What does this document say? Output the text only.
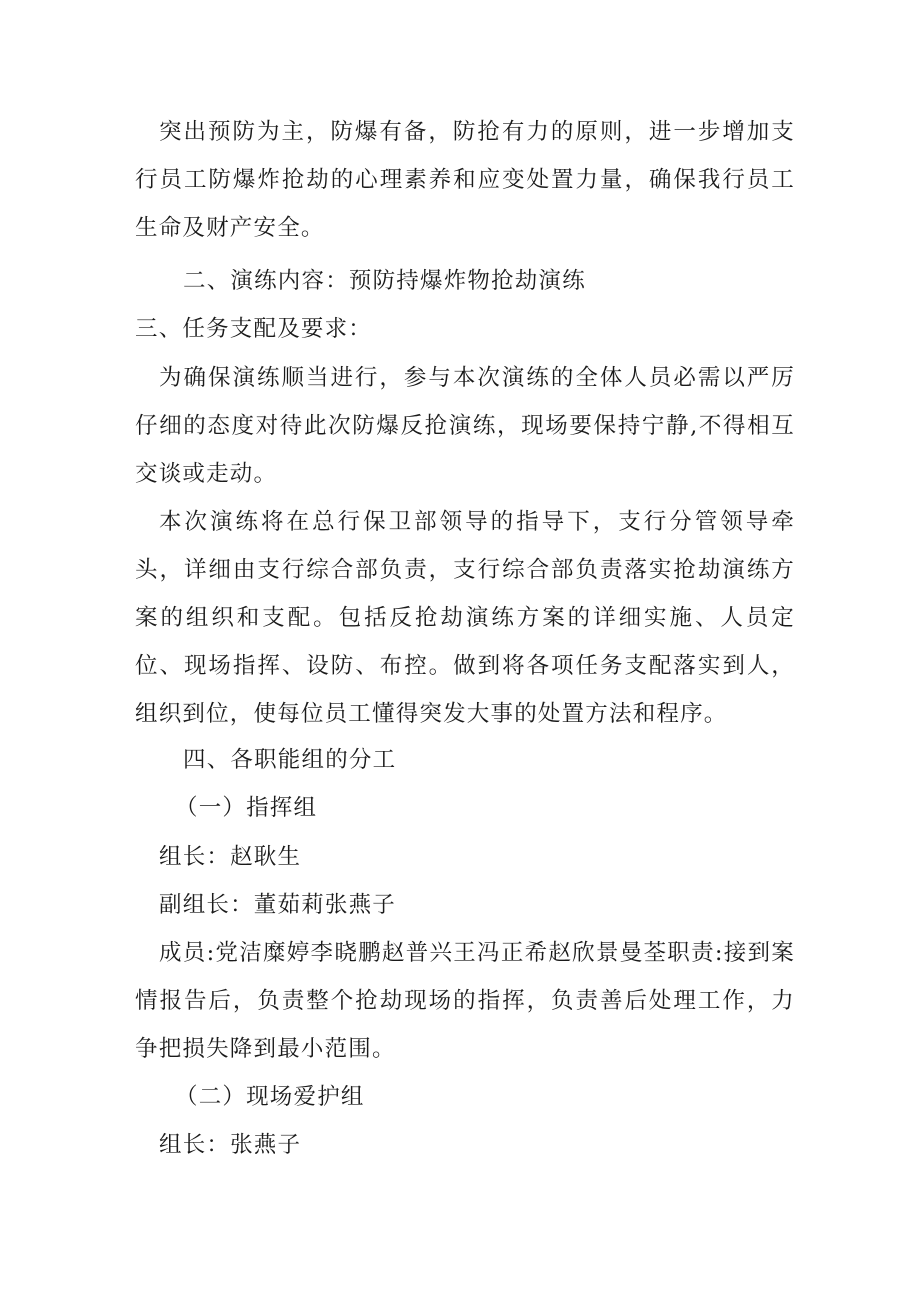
突出预防为主，防爆有备，防抢有力的原则，进一步增加支行员工防爆炸抢劫的心理素养和应变处置力量，确保我行员工生命及财产安全。

二、演练内容：预防持爆炸物抢劫演练

三、任务支配及要求：

为确保演练顺当进行，参与本次演练的全体人员必需以严厉仔细的态度对待此次防爆反抢演练，现场要保持宁静,不得相互交谈或走动。

本次演练将在总行保卫部领导的指导下，支行分管领导牵头，详细由支行综合部负责，支行综合部负责落实抢劫演练方案的组织和支配。包括反抢劫演练方案的详细实施、人员定位、现场指挥、设防、布控。做到将各项任务支配落实到人，组织到位，使每位员工懂得突发大事的处置方法和程序。

四、各职能组的分工

（一）指挥组

组长：赵耿生

副组长：董茹莉张燕子

成员:党洁糜婷李晓鹏赵普兴王冯正希赵欣景曼荃职责:接到案情报告后，负责整个抢劫现场的指挥，负责善后处理工作，力争把损失降到最小范围。

（二）现场爱护组

组长：张燕子
